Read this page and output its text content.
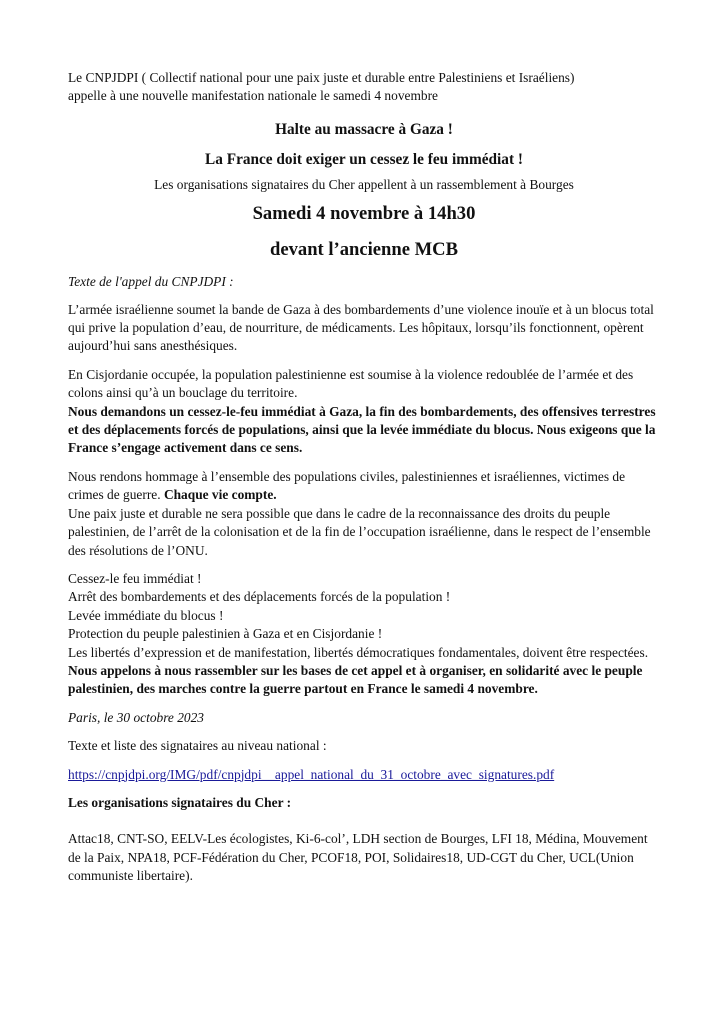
Le CNPJDPI ( Collectif national pour une paix juste et durable entre Palestiniens et Israéliens)
appelle à une nouvelle manifestation nationale le samedi 4 novembre

Halte au massacre à Gaza !

La France doit exiger un cessez le feu immédiat !

Les organisations signataires du Cher appellent à un rassemblement à Bourges

Samedi 4 novembre à 14h30

devant l’ancienne MCB

Texte de l'appel du CNPJDPI :

L’armée israélienne soumet la bande de Gaza à des bombardements d’une violence inouïe et à un blocus total qui prive la population d’eau, de nourriture, de médicaments. Les hôpitaux, lorsqu’ils fonctionnent, opèrent aujourd’hui sans anesthésiques.

En Cisjordanie occupée, la population palestinienne est soumise à la violence redoublée de l’armée et des colons ainsi qu’à un bouclage du territoire.

Nous demandons un cessez-le-feu immédiat à Gaza, la fin des bombardements, des offensives terrestres et des déplacements forcés de populations, ainsi que la levée immédiate du blocus. Nous exigeons que la France s’engage activement dans ce sens.

Nous rendons hommage à l’ensemble des populations civiles, palestiniennes et israéliennes, victimes de crimes de guerre. Chaque vie compte.

Une paix juste et durable ne sera possible que dans le cadre de la reconnaissance des droits du peuple palestinien, de l’arrêt de la colonisation et de la fin de l’occupation israélienne, dans le respect de l’ensemble des résolutions de l’ONU.

Cessez-le feu immédiat !

Arrêt des bombardements et des déplacements forcés de la population !

Levée immédiate du blocus !

Protection du peuple palestinien à Gaza et en Cisjordanie !

Les libertés d’expression et de manifestation, libertés démocratiques fondamentales, doivent être respectées.

Nous appelons à nous rassembler sur les bases de cet appel et à organiser, en solidarité avec le peuple palestinien, des marches contre la guerre partout en France le samedi 4 novembre.

Paris, le 30 octobre 2023

Texte et liste des signataires au niveau national :

https://cnpjdpi.org/IMG/pdf/cnpjdpi__appel_national_du_31_octobre_avec_signatures.pdf

Les organisations signataires du Cher :

Attac18, CNT-SO, EELV-Les écologistes, Ki-6-col’, LDH section de Bourges, LFI 18, Médina, Mouvement de la Paix, NPA18, PCF-Fédération du Cher, PCOF18, POI, Solidaires18, UD-CGT du Cher, UCL(Union communiste libertaire).
